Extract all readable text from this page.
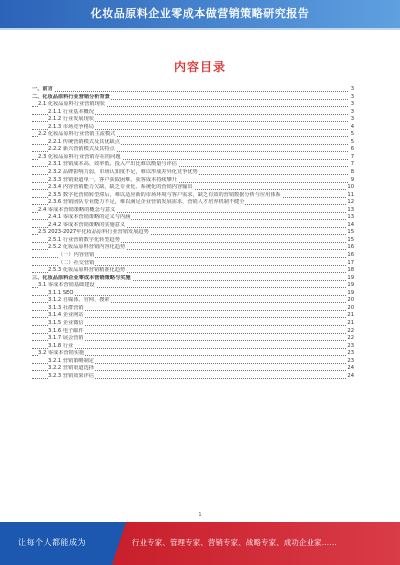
化妆品原料企业零成本做营销策略研究报告
内容目录
一、前言	3
二、化妆品原料行业营销分析背景	3
2.1 化妆品原料行业营销现状	3
2.1.1 行业基本概况	3
2.1.2 行业发展现状	3
2.1.3 市场竞争格局	4
2.2 化妆品原料行业营销主流模式	5
2.2.1 传统营销模式及其优缺点	5
2.2.2 新兴营销模式及其特点	6
2.3 化妆品原料行业营销存在的问题	7
2.3.1 营销成本高、效率低，投入产出比难以衡量与评估	7
2.3.2 品牌影响力弱，市场认知度不足，难以形成差异化竞争优势	8
2.3.3 营销渠道单一，客户获取困难，获客成本持续攀升	9
2.3.4 内容营销能力欠缺，缺乏专业化、系统化的营销内容输出	10
2.3.5 数字化营销转型滞后，难以适应新的市场环境与客户需求，缺乏有效的营销数据分析与应用体系	11
2.3.6 营销团队专业能力不足，难以满足企业营销发展需求，营销人才培养机制不健全	12
2.4 零成本营销策略的概念与意义	13
2.4.1 零成本营销策略的定义与内涵	13
2.4.2 零成本营销策略的实施意义	14
2.5 2023-2027年化妆品原料行业营销发展趋势	15
2.5.1 行业营销数字化转型趋势	15
2.5.2 化妆品原料营销内容化趋势	16
（一）内容营销	16
（二）社交营销	17
2.5.3 化妆品原料营销精准化趋势	18
三、化妆品原料企业零成本营销策略与实施	19
3.1 零成本营销基础建设	19
3.1.1 SEO	19
3.1.2 自媒体、官网、搜索	20
3.1.3 社群营销	20
3.1.4 企业网站	21
3.1.5 企业微信	21
3.1.6 电子邮件	22
3.1.7 展会营销	22
3.1.8 行业	23
3.2 零成本营销实施	23
3.2.1 营销策略制定	23
3.2.2 营销渠道选择	24
3.2.3 营销效果评估	24
1
让每个人都能成为	行业专家、管理专家、营销专家、战略专家、成功企业家……
